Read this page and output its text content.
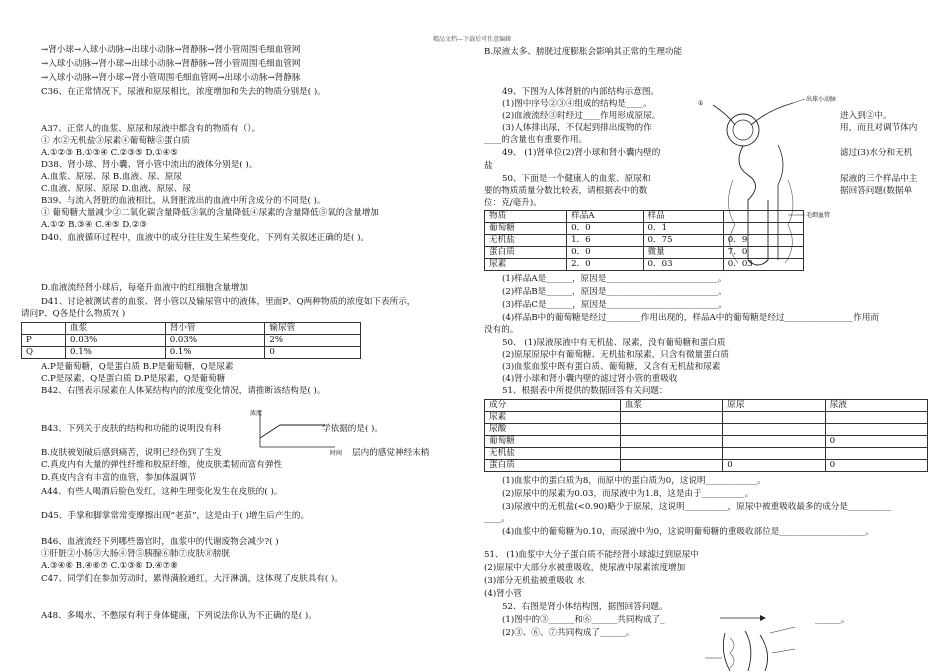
精品文档---下载后可任意编辑
→肾小球→入球小动脉→出球小动脉→肾静脉→肾小管周围毛细血管网
→入球小动脉→肾小球→出球小动脉→肾静脉→肾小管周围毛细血管网
→入球小动脉→肾小球→肾小管周围毛细血管网→出球小动脉→肾静脉
C36、在正常情况下，尿液和原尿相比，浓度增加和失去的物质分别是( )。
A37、正常人的血浆、原尿和尿液中都含有的物质有（）。
① 水②无机盐③尿素④葡萄糖⑤蛋白质
A.①②③ B.①③④ C.②③⑤ D.①④⑤
D38、肾小球、肾小囊、肾小管中流出的液体分别是( )。
A.血浆、原尿、尿 B.血液、尿、原尿
C.血液、原尿、原尿 D.血液、原尿、尿
B39、与流入肾脏的血液相比，从肾脏流出的血液中所含成分的不同是( )。
① 葡萄糖大量减少②二氧化碳含量降低③氧的含量降低④尿素的含量降低⑤氧的含量增加
A.①② B.③④ C.④⑤ D.②③
D40、血液循环过程中，血液中的成分往往发生某些变化，下列有关叙述正确的是( )。
D.血液流经肾小球后，每毫升血液中的红细胞含量增加
D41、讨论被测试者的血浆、肾小管以及输尿管中的液体，里面P、Q两种物质的浓度如下表所示，
请问P、Q各是什么物质?( )
	血浆	肾小管	输尿管
P	0.03%	0.03%	2%
Q	0.1%	0.1%	0
A.P是葡萄糖，Q是蛋白质 B.P是葡萄糖，Q是尿素
C.P是尿素，Q是蛋白质 D.P是尿素，Q是葡萄糖
B42、右图表示尿素在人体某结构内的浓度变化情况，请推断该结构是( )。
浓度
时间
B43、下列关于皮肤的结构和功能的说明没有科	学依据的是( )。
B.皮肤被划破后感到痛苦，说明已经伤到了生发	层内的感觉神经末梢
C.真皮内有大量的弹性纤维和胶原纤维，使皮肤柔韧而富有弹性
D.真皮内含有丰富的血管，参加体温调节
A44、有些人喝酒后脸色发红，这种生理变化发生在皮肤的( )。
D45、手掌和脚掌常常变摩擦出现“老茧”，这是由于( )增生后产生的。
B46、血液流经下列哪些器官时，血浆中的代谢废物会减少?( )
①肝脏②小肠③大肠④肾⑤胰腺⑥肺⑦皮肤⑧膀胱
A.③④⑥ B.④⑥⑦ C.①③⑥ D.④⑦⑧
C47、同学们在参加劳动时，累得满脸通红，大汗淋漓，这体现了皮肤具有( )。
A48、多喝水、不憋尿有利于身体健康，下列说法你认为不正确的是( )。
B.尿液太多、膀胱过度膨胀会影响其正常的生理功能
49、下图为人体肾脏的内部结构示意图。
(1)图中序号②③④组成的结构是____。
(2)血液流经③时经过____作用形成原尿。	进入到②中。
(3)人体排出尿，不仅起到排出废物的作	用，而且对调节体内
____的含量也有重要作用。
49、 (1)肾单位(2)肾小球和肾小囊内壁的	滤过(3)水分和无机
盐
50、下面是一个健康人的血浆、原尿和	尿液的三个样品中主
要的物质质量分数比较表，请根据表中的数	据回答问题(数据单
位：克/毫升)。
出球小动脉
毛细血管
①
物质	样品A	样品	
葡萄糖	0．0	0．1	
无机盐	1．6	0．75	0．9
蛋白质	0．0	微量	7．0
尿素	2．0	0．03	0．03
(1)样品A是______，原因是__________________________。
(2)样品B是______，原因是__________________________。
(3)样品C是______，原因是__________________________。
(4)样品B中的葡萄糖是经过________作用出现的，样品A中的葡萄糖是经过________________作用而
没有的。
50、 (1)尿液尿液中有无机盐、尿素，没有葡萄糖和蛋白质
(2)原尿原尿中有葡萄糖、无机盐和尿素，只含有微量蛋白质
(3)血浆血浆中既有蛋白质、葡萄糖，又含有无机盐和尿素
(4)肾小球和肾小囊内壁的滤过肾小管的重吸收
51、根据表中所提供的数据回答有关问题：
成分	血浆	原尿	尿液
尿素			
尿酸			
葡萄糖			0
无机盐			
蛋白质		0	0
(1)血浆中的蛋白质为8，而原中的蛋白质为0，这说明____________。
(2)原尿中的尿素为0.03，而尿液中为1.8，这是由于__________。
(3)尿液中的无机盐(<0.90)略少于原尿，这说明__________，原尿中被重吸收最多的成分是__________
____。
(4)血浆中的葡萄糖为0.10，而尿液中为0，这说明葡萄糖的重吸收部位是____________________。
51、 (1)血浆中大分子蛋白质不能经肾小球滤过到原尿中
(2)原尿中大部分水被重吸收，使尿液中尿素浓度增加
(3)部分无机盐被重吸收 水
(4)肾小管
52、右图是肾小体结构图，据图回答问题。
(1)图中的③______和⑥______共同构成了_	______。
(2)③、⑥、⑦共同构成了______。
